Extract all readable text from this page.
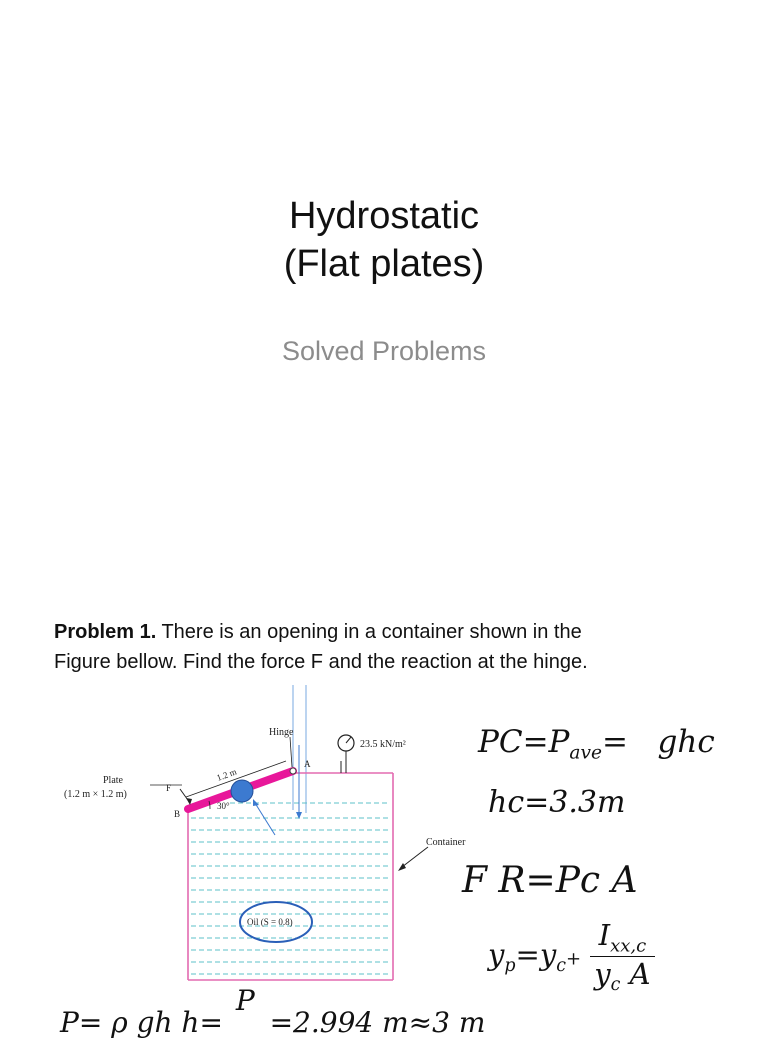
Hydrostatic
(Flat plates)
Solved Problems
Problem 1. There is an opening in a container shown in the
Figure bellow. Find the force F and the reaction at the hinge.
Hinge
A
B
F
1.2 m
30°
Plate
(1.2 m × 1.2 m)
23.5 kN/m²
Container
Oil (S = 0.8)
$PC=P_{ave}=$   ghc
hc=3.3m
F R=Pc A
$y_p=y_c+ \frac{I_{xx,c}}{y_c A}$
P= ρ gh h= P =2.994 m≈3 m
